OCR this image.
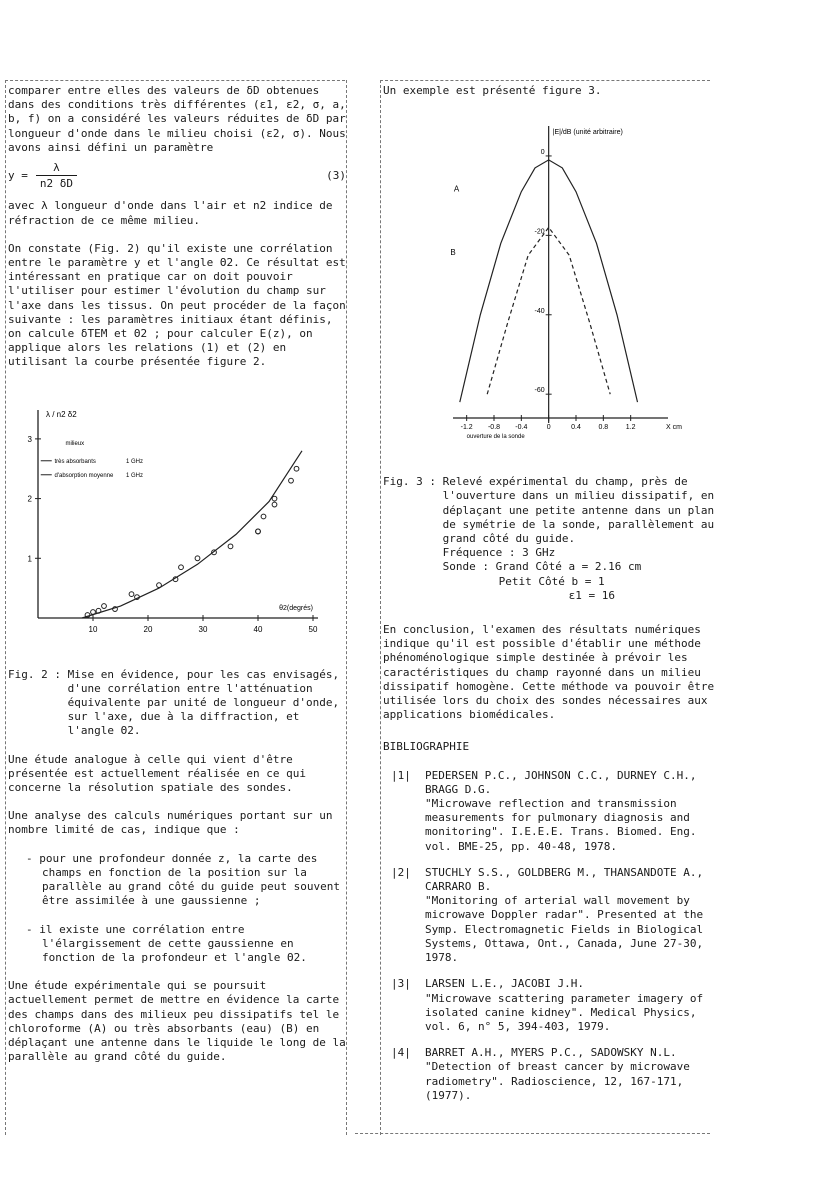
comparer entre elles des valeurs de δD obtenues dans des conditions très différentes (ε1, ε2, σ, a, b, f) on a considéré les valeurs réduites de δD par longueur d'onde dans le milieu choisi (ε2, σ). Nous avons ainsi défini un paramètre

$y = \frac{\lambda}{n2 \delta D}$	(3)

avec λ longueur d'onde dans l'air et n2 indice de réfraction de ce même milieu.

On constate (Fig. 2) qu'il existe une corrélation entre le paramètre y et l'angle Θ2. Ce résultat est intéressant en pratique car on doit pouvoir l'utiliser pour estimer l'évolution du champ sur l'axe dans les tissus. On peut procéder de la façon suivante : les paramètres initiaux étant définis, on calcule δTEM et Θ2 ; pour calculer E(z), on applique alors les relations (1) et (2) en utilisant la courbe présentée figure 2.

10	20	30	40	50
1
2
3
λ / n2 δ2
θ2(degrés)
milieux
très absorbants	1 GHz
d'absorption moyenne 1 GHz
Fig. 2 : Mise en évidence, pour les cas envisagés, d'une corrélation entre l'atténuation équivalente par unité de longueur d'onde, sur l'axe, due à la diffraction, et l'angle Θ2.

Une étude analogue à celle qui vient d'être présentée est actuellement réalisée en ce qui concerne la résolution spatiale des sondes.

Une analyse des calculs numériques portant sur un nombre limité de cas, indique que :

- pour une profondeur donnée z, la carte des champs en fonction de la position sur la parallèle au grand côté du guide peut souvent être assimilée à une gaussienne ;

- il existe une corrélation entre l'élargissement de cette gaussienne en fonction de la profondeur et l'angle Θ2.

Une étude expérimentale qui se poursuit actuellement permet de mettre en évidence la carte des champs dans des milieux peu dissipatifs tel le chloroforme (A) ou très absorbants (eau) (B) en déplaçant une antenne dans le liquide le long de la parallèle au grand côté du guide.

Un exemple est présenté figure 3.

-1.2 -0.8 -0.4	0	0.4	0.8	1.2
0
-20
-40
-60
|E|/dB (unité arbitraire)
X cm
ouverture de la sonde
A
B
Fig. 3 : Relevé expérimental du champ, près de l'ouverture dans un milieu dissipatif, en déplaçant une petite antenne dans un plan de symétrie de la sonde, parallèlement au grand côté du guide.
Fréquence : 3 GHz
Sonde : Grand Côté a = 2.16 cm
Petit Côté b = 1
ε1 = 16

En conclusion, l'examen des résultats numériques indique qu'il est possible d'établir une méthode phénoménologique simple destinée à prévoir les caractéristiques du champ rayonné dans un milieu dissipatif homogène. Cette méthode va pouvoir être utilisée lors du choix des sondes nécessaires aux applications biomédicales.

BIBLIOGRAPHIE

|1|	PEDERSEN P.C., JOHNSON C.C., DURNEY C.H., BRAGG D.G.
"Microwave reflection and transmission measurements for pulmonary diagnosis and monitoring". I.E.E.E. Trans. Biomed. Eng. vol. BME-25, pp. 40-48, 1978.
|2|	STUCHLY S.S., GOLDBERG M., THANSANDOTE A., CARRARO B.
"Monitoring of arterial wall movement by microwave Doppler radar". Presented at the Symp. Electromagnetic Fields in Biological Systems, Ottawa, Ont., Canada, June 27-30, 1978.
|3|	LARSEN L.E., JACOBI J.H.
"Microwave scattering parameter imagery of isolated canine kidney". Medical Physics, vol. 6, n° 5, 394-403, 1979.
|4|	BARRET A.H., MYERS P.C., SADOWSKY N.L.
"Detection of breast cancer by microwave radiometry". Radioscience, 12, 167-171, (1977).
